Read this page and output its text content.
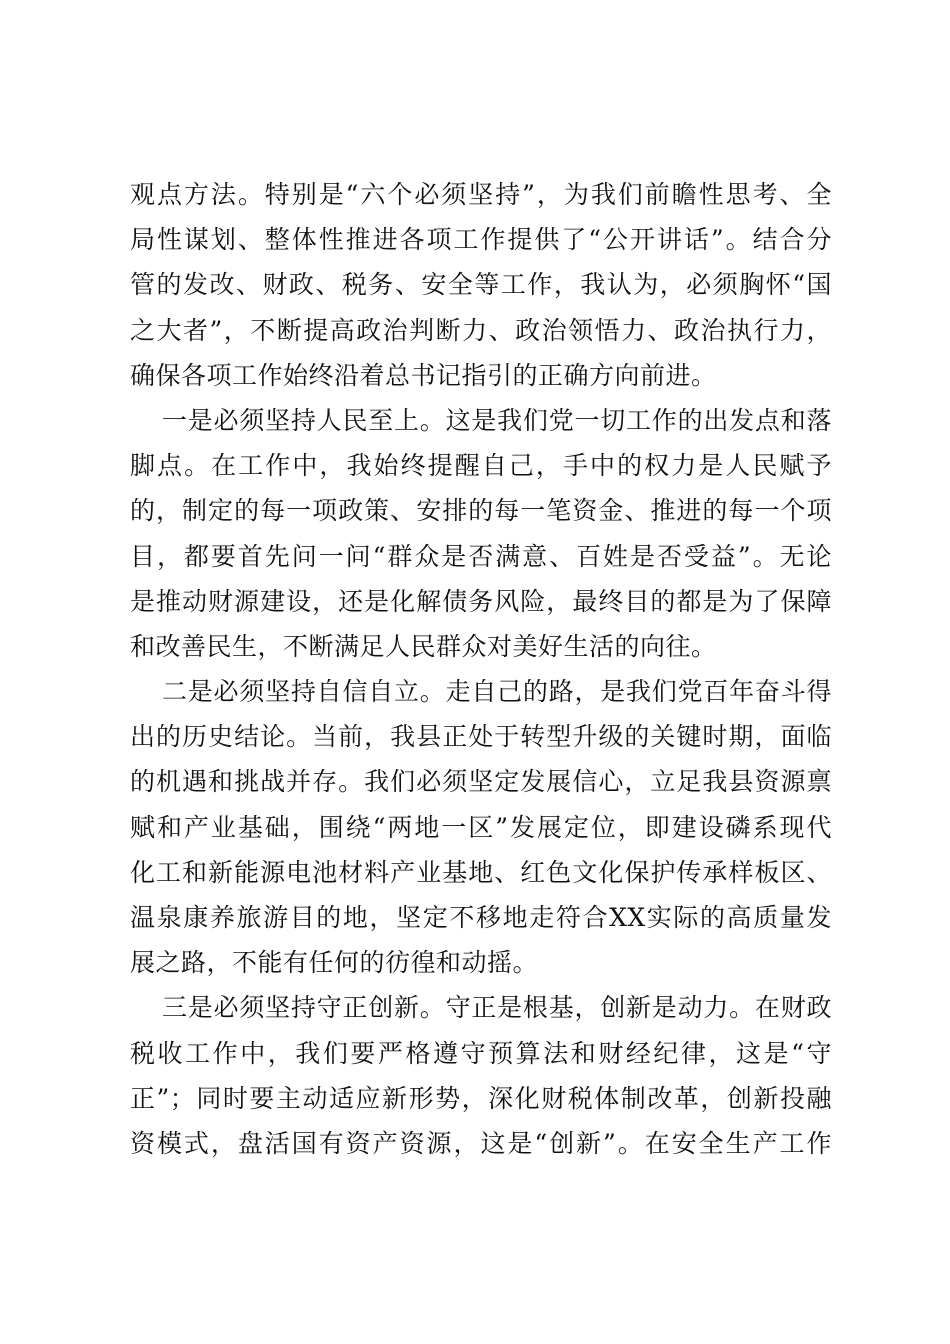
观点方法。特别是“六个必须坚持”，为我们前瞻性思考、全
局性谋划、整体性推进各项工作提供了“公开讲话”。结合分
管的发改、财政、税务、安全等工作，我认为，必须胸怀“国
之大者”，不断提高政治判断力、政治领悟力、政治执行力，
确保各项工作始终沿着总书记指引的正确方向前进。
一是必须坚持人民至上。这是我们党一切工作的出发点和落
脚点。在工作中，我始终提醒自己，手中的权力是人民赋予
的，制定的每一项政策、安排的每一笔资金、推进的每一个项
目，都要首先问一问“群众是否满意、百姓是否受益”。无论
是推动财源建设，还是化解债务风险，最终目的都是为了保障
和改善民生，不断满足人民群众对美好生活的向往。
二是必须坚持自信自立。走自己的路，是我们党百年奋斗得
出的历史结论。当前，我县正处于转型升级的关键时期，面临
的机遇和挑战并存。我们必须坚定发展信心，立足我县资源禀
赋和产业基础，围绕“两地一区”发展定位，即建设磷系现代
化工和新能源电池材料产业基地、红色文化保护传承样板区、
温泉康养旅游目的地，坚定不移地走符合XX实际的高质量发
展之路，不能有任何的彷徨和动摇。
三是必须坚持守正创新。守正是根基，创新是动力。在财政
税收工作中，我们要严格遵守预算法和财经纪律，这是“守
正”；同时要主动适应新形势，深化财税体制改革，创新投融
资模式，盘活国有资产资源，这是“创新”。在安全生产工作
